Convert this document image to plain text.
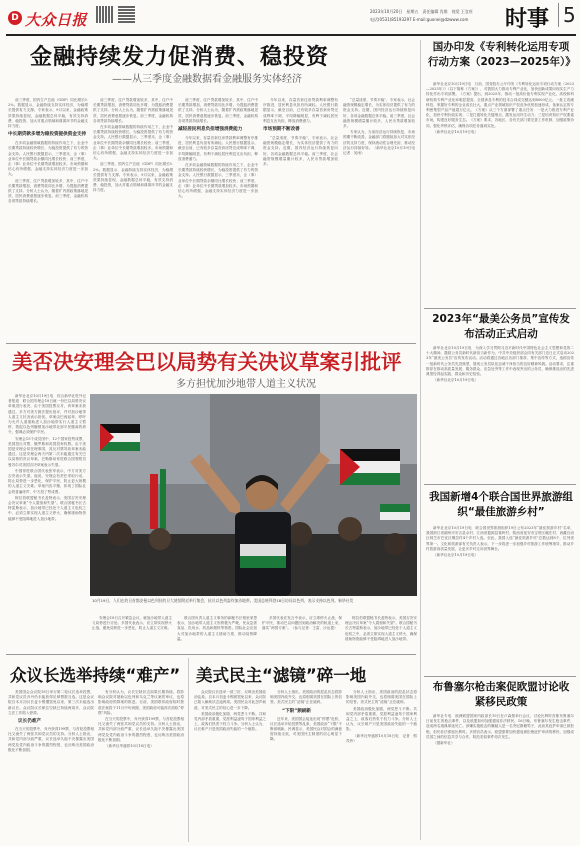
D 大众日报	2023年10月20日　星期五　责任编辑 肖维　视觉 王宜旺
电话(0531)85193297 E-mail:guonei@dzwww.com	时事 5
金融持续发力促消费、稳投资
——从三季度金融数据看金融服务实体经济

前三季度，国内生产总值（GDP）同比增长5.2%。数据显示，金融持续支持实体经济，为稳增长提供有力支撑。专家表示，9月以来，金融政策效果持续显现，金融数据总体平稳，有效支持消费、稳投资，加大对重点领域和薄弱环节的金融支持力度。

中长期贷款多增为稳投资提供资金支持

在多项金融领域数据的持续作用之下，企业中长期贷款持续较快增长，为稳投资提供了有力的资金支持。人民银行数据显示，三季度末，企（事）业单位中长期贷款余额同比增长较快；前三季度，企（事）业单位中长期贷款增加较多。市场预期和信心有所增强，金融支持实体经济力度进一步加大。

前三季度，住户贷款增加较多，其中，住户中长期贷款增加，消费贷款同比多增，为提振消费提供了支持。分析人士认为，随着扩内需政策落地见效，居民消费意愿逐步恢复。前三季度，金融机构各项贷款持续增长。

前三季度，住户贷款增加较多，其中，住户中长期贷款增加，消费贷款同比多增，为提振消费提供了支持。分析人士认为，随着扩内需政策落地见效，居民消费意愿逐步恢复。前三季度，金融机构各项贷款持续增长。

在多项金融领域数据的持续作用之下，企业中长期贷款持续较快增长，为稳投资提供了有力的资金支持。人民银行数据显示，三季度末，企（事）业单位中长期贷款余额同比增长较快；前三季度，企（事）业单位中长期贷款增加较多。市场预期和信心有所增强，金融支持实体经济力度进一步加大。

前三季度，国内生产总值（GDP）同比增长5.2%。数据显示，金融持续支持实体经济，为稳增长提供有力支撑。专家表示，9月以来，金融政策效果持续显现，金融数据总体平稳，有效支持消费、稳投资，加大对重点领域和薄弱环节的金融支持力度。

前三季度，住户贷款增加较多，其中，住户中长期贷款增加，消费贷款同比多增，为提振消费提供了支持。分析人士认为，随着扩内需政策落地见效，居民消费意愿逐步恢复。前三季度，金融机构各项贷款持续增长。

减轻居民利息负担增强消费能力

今年以来，存量首套住房贷款利率调整有序推进，居民利息负担有所减轻。人民银行数据显示，截至目前，已有较多存量首套房贷完成利率下调，平均降幅明显，有利于减轻居民利息支出负担，释放消费潜力。

在多项金融领域数据的持续作用之下，企业中长期贷款持续较快增长，为稳投资提供了有力的资金支持。人民银行数据显示，三季度末，企（事）业单位中长期贷款余额同比增长较快；前三季度，企（事）业单位中长期贷款增加较多。市场预期和信心有所增强，金融支持实体经济力度进一步加大。

今年以来，存量首套住房贷款利率调整有序推进，居民利息负担有所减轻。人民银行数据显示，截至目前，已有较多存量首套房贷完成利率下调，平均降幅明显，有利于减轻居民利息支出负担，释放消费潜力。

市场预期不断改善

“总量适度、节奏平稳”，专家表示，社会融资规模稳定增长，为实体经济提供了有力的资金支持。近期，国内经济运行持续恢复向好，各项金融数据总体平稳。前三季度，社会融资规模增量累计较多，人民币贷款增加较多。

“总量适度、节奏平稳”，专家表示，社会融资规模稳定增长，为实体经济提供了有力的资金支持。近期，国内经济运行持续恢复向好，各项金融数据总体平稳。前三季度，社会融资规模增量累计较多，人民币贷款增加较多。

专家认为，当前经济运行持续恢复，市场预期不断改善。金融部门将继续加大对实体经济的支持力度，保持流动性合理充裕，推动经济运行持续好转。（新华社北京10月19日电　记者　吴雨）

美否决安理会巴以局势有关决议草案引批评
多方担忧加沙地带人道主义状况

新华社北京10月19日电　综合新华社驻外记者报道　联合国安理会18日就一份巴以局势决议草案进行表决，由于美国投票反对，该草案未获通过。多方对美方做法提出批评，并对加沙地带人道主义状况表示担忧。草案由巴西起草，呼吁为允许人道援助进入加沙地带实行人道主义暂停，敦促以色列撤销加沙地带北部平民撤离的命令，强调必须保护平民。

安理会15个成员国中，12个国家投赞成票，美国投反对票，俄罗斯和英国投弃权票。由于美国是安理会常任理事国，其反对票导致草案未能通过。这是安理会两天内第二次未能通过有关巴以局势的决议草案。巴勒斯坦常驻联合国观察员曼苏尔对美国否决草案表示失望。

中国常驻联合国代表张军表示，中方对美方否决表示失望。他说，安理会有责任采取行动，防止局势进一步恶化，保护平民，防止更大规模的人道主义灾难。草案内容平衡，体现了国际社会的普遍呼声，中方投了赞成票。

阿拉伯联盟秘书长盖特表示，美国否决安理会决议草案“令人震惊和失望”。联合国秘书长古特雷斯表示，加沙地带已经处于人道主义危机之中，必须立即实现人道主义停火，确保援助物资能够不受阻碍地进入加沙地带。

10月19日，人们在约旦首都安曼以色列驻约旦大使馆附近举行集会，抗议以色列轰炸加沙地带。美国总统拜登18日访问以色列，表示支持以色列。新华社发

安理会18日召开紧急会议，就加沙地带人道主义局势进行讨论。多国代表表示，应立即实现停火止战，避免局势进一步恶化，防止人道主义灾难。

联合国负责人道主义事务的副秘书长格里菲思表示，加沙地带人道主义形势极为严峻，民众急需食品、饮用水、药品和燃料等物资。国际社会应加大对加沙地带的人道主义援助力度，推动局势降温。

多国代表在发言中表示，应立即停火止战，保护平民，推动巴以问题回到政治解决的轨道上来，落实“两国方案”。（参与记者：王雷、沙达提）

阿拉伯联盟秘书长盖特表示，美国否决安理会决议草案“令人震惊和失望”。联合国秘书长古特雷斯表示，加沙地带已经处于人道主义危机之中，必须立即实现人道主义停火，确保援助物资能够不受阻碍地进入加沙地带。

众议长选举持续“难产”

美国国会众议院18日举行第二轮议长选举投票，共和党议员乔丹仍未能获得足够票数当选。这是众议院自本月初议长麦卡锡遭罢免以来，第三次未能选出新议长。众议院议长职位空缺已持续两周多，众议院立法工作陷入停滞。

议长仍难产

在当天的投票中，乔丹获得199票，与首轮投票相比又流失了两张共和党议员的支持。分析人士指出，共和党内部分歧严重，议长选举久拖不决暴露出美国两党及党内政治斗争的激烈程度，也反映出美国政治极化不断加剧。

有分析认为，议长空缺状态如果长期持续，将影响众议院对援助以色列和乌克兰等议案的审议，也将影响政府预算案的推进。目前，美国联邦政府临时拨款法案将于11月中旬到期，美国政府可能再次面临“停摆”风险。

在当天的投票中，乔丹获得199票，与首轮投票相比又流失了两张共和党议员的支持。分析人士指出，共和党内部分歧严重，议长选举久拖不决暴露出美国两党及党内政治斗争的激烈程度，也反映出美国政治极化不断加剧。

（新华社华盛顿10月18日电）

美式民主“滤镜”碎一地

众议院议长选举一波三折，反映出美国政治乱象。自本月初麦卡锡被罢免以来，众议院已陷入瘫痪状态逾两周。美国民众对此怨声载道，对美式民主的信心进一步下降。

美国政治极化加剧，两党恶斗不断。共和党内部矛盾重重，党派利益凌驾于国家利益之上，政客们热衷于权力斗争。分析人士认为，议长难产只是美国政治失能的一个缩影。

分析人士指出，美国政治的混乱状态将影响美国内政外交，也将削弱美国在国际上的信誉。美式民主的“滤镜”正在破碎。

“下限”频刷新

近年来，美国国会接连出现“停摆”危机、议长选举多轮投票等乱象，美国政治“下限”不断被刷新。民调显示，美国民众对国会的满意度持续走低，对美国民主制度的信心明显下降。

分析人士指出，美国政治的混乱状态将影响美国内政外交，也将削弱美国在国际上的信誉。美式民主的“滤镜”正在破碎。

美国政治极化加剧，两党恶斗不断。共和党内部矛盾重重，党派利益凌驾于国家利益之上，政客们热衷于权力斗争。分析人士认为，议长难产只是美国政治失能的一个缩影。

（新华社华盛顿10月18日电　记者　熊茂伶）

国办印发《专利转化运用专项行动方案（2023—2025年）》

新华社北京10月19日电　日前，国务院办公厅印发《专利转化运用专项行动方案（2023—2025年）》（以下简称《方案》），对我国大力推动专利产业化，加快创新成果向现实生产力转化作出专项部署。《方案》提出，到2025年，推动一批高价值专利实现产业化。高校和科研机构专利产业化率明显提高，全国涉及专利的技术合同成交额达到8000亿元。一批主攻硬科技、掌握好专利的企业成长壮大，重点产业领域知识产权竞争优势加速形成，备案认定的专利密集型产品产值超万亿元。《方案》从三个方面部署了重点任务：一是大力推进专利产业化，加快专利价值实现；二是打通转化关键堵点，激发运用内生动力；三是培育知识产权要素市场，构建良好服务生态。《方案》要求，各地区、各有关部门要完善工作机制，加强政策协同，强化考核评估，确保各项任务落到实处。

（新华社北京10月19日电）

2023年“最美公务员”宣传发布活动正式启动

新华社北京10月19日电　为深入学习贯彻习近平新时代中国特色社会主义思想和党的二十大精神，激励公务员新时代新担当新作为，中共中央组织部会同有关部门近日正式启动2023年“最美公务员”宣传发布活动。活动将通过各地区各部门推荐、集中宣传等方式，选树宣传一批新时代公务员先进典型，展现公务员队伍忠诚干净担当的良好精神风貌。活动要求，注重推荐在推动高质量发展、服务群众、应急处突等工作中表现突出的公务员，确保推选出的先进典型经得起实践、群众和历史检验。

（新华社北京10月19日电）

我国新增4个联合国世界旅游组织“最佳旅游乡村”

新华社北京10月19日电　联合国世界旅游组织19日公布2023年“最佳旅游乡村”名单，我国浙江省湖州市安吉县余村、江西省婺源县篁岭村、陕西省延安市宝塔区碾庄村、西藏自治区林芝市巴宜区嘎拉村4个乡村入选。至此，我国入选“最佳旅游乡村”总数达到8个，位列世界第一。文化和旅游部有关负责人表示，下一步将进一步加强乡村旅游工作统筹指导，推动乡村旅游高质量发展，让更多乡村走向世界舞台。

（新华社北京10月19日电）

布鲁塞尔枪击案促欧盟讨论收紧移民政策

新华社专电　欧洲联盟国家内政部长19日在卢森堡举行会议，讨论比利时首都布鲁塞尔日前发生的枪击事件，以及欧盟如何加强遣返非法移民。16日晚，布鲁塞尔发生枪击事件，造成两名瑞典球迷死亡。涉嫌实施枪击的嫌疑人是一名突尼斯籍男子，此前其庇护申请已被拒绝，但仍非法滞留比利时。多国官员表示，欧盟需要加快遣返被拒绝庇护申请的移民，加强成员国之间的信息共享与合作，防范类似事件再次发生。

（据新华社）
